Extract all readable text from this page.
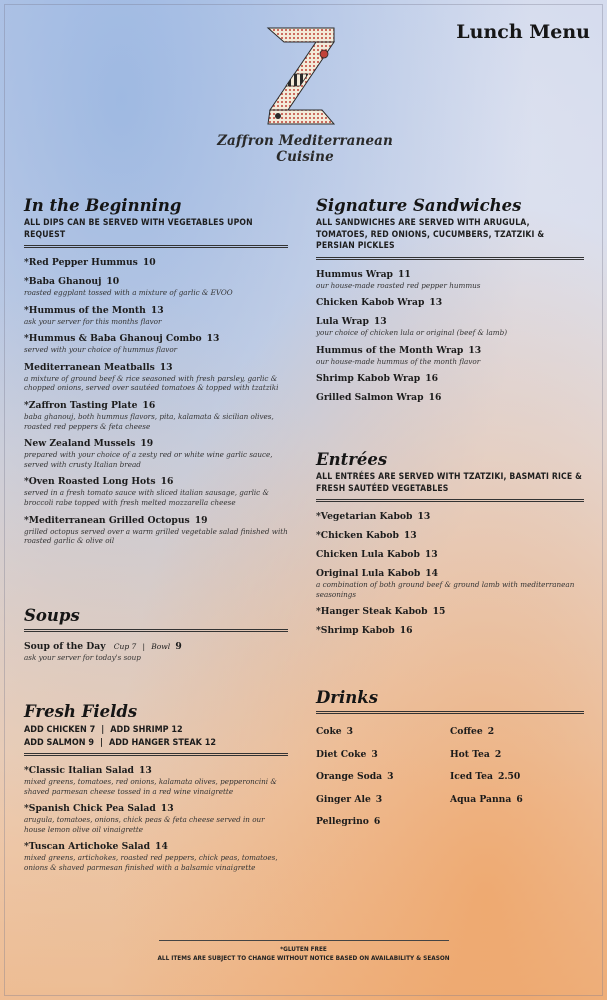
Zaffron Mediterranean Cuisine
Lunch Menu
In the Beginning
ALL DIPS CAN BE SERVED WITH VEGETABLES UPON REQUEST
*Red Pepper Hummus 10
*Baba Ghanouj 10
roasted eggplant tossed with a mixture of garlic & EVOO
*Hummus of the Month 13
ask your server for this months flavor
*Hummus & Baba Ghanouj Combo 13
served with your choice of hummus flavor
Mediterranean Meatballs 13
a mixture of ground beef & rice seasoned with fresh parsley, garlic & chopped onions, served over sautéed tomatoes & topped with tzatziki
*Zaffron Tasting Plate 16
baba ghanouj, both hummus flavors, pita, kalamata & sicilian olives, roasted red peppers & feta cheese
New Zealand Mussels 19
prepared with your choice of a zesty red or white wine garlic sauce, served with crusty Italian bread
*Oven Roasted Long Hots 16
served in a fresh tomato sauce with sliced italian sausage, garlic & broccoli rabe topped with fresh melted mozzarella cheese
*Mediterranean Grilled Octopus 19
grilled octopus served over a warm grilled vegetable salad finished with roasted garlic & olive oil
Soups
Soup of the Day Cup 7 | Bowl 9
ask your server for today's soup
Fresh Fields
ADD CHICKEN 7 | ADD SHRIMP 12
ADD SALMON 9 | ADD HANGER STEAK 12
*Classic Italian Salad 13
mixed greens, tomatoes, red onions, kalamata olives, pepperoncini & shaved parmesan cheese tossed in a red wine vinaigrette
*Spanish Chick Pea Salad 13
arugula, tomatoes, onions, chick peas & feta cheese served in our house lemon olive oil vinaigrette
*Tuscan Artichoke Salad 14
mixed greens, artichokes, roasted red peppers, chick peas, tomatoes, onions & shaved parmesan finished with a balsamic vinaigrette
Signature Sandwiches
ALL SANDWICHES ARE SERVED WITH ARUGULA, TOMATOES, RED ONIONS, CUCUMBERS, TZATZIKI & PERSIAN PICKLES
Hummus Wrap 11
our house-made roasted red pepper hummus
Chicken Kabob Wrap 13
Lula Wrap 13
your choice of chicken lula or original (beef & lamb)
Hummus of the Month Wrap 13
our house-made hummus of the month flavor
Shrimp Kabob Wrap 16
Grilled Salmon Wrap 16
Entrées
ALL ENTRÉES ARE SERVED WITH TZATZIKI, BASMATI RICE & FRESH SAUTÉED VEGETABLES
*Vegetarian Kabob 13
*Chicken Kabob 13
Chicken Lula Kabob 13
Original Lula Kabob 14
a combination of both ground beef & ground lamb with mediterranean seasonings
*Hanger Steak Kabob 15
*Shrimp Kabob 16
Drinks
Coke 3
Diet Coke 3
Orange Soda 3
Ginger Ale 3
Pellegrino 6
Coffee 2
Hot Tea 2
Iced Tea 2.50
Aqua Panna 6
*GLUTEN FREE
ALL ITEMS ARE SUBJECT TO CHANGE WITHOUT NOTICE BASED ON AVAILABILITY & SEASON
